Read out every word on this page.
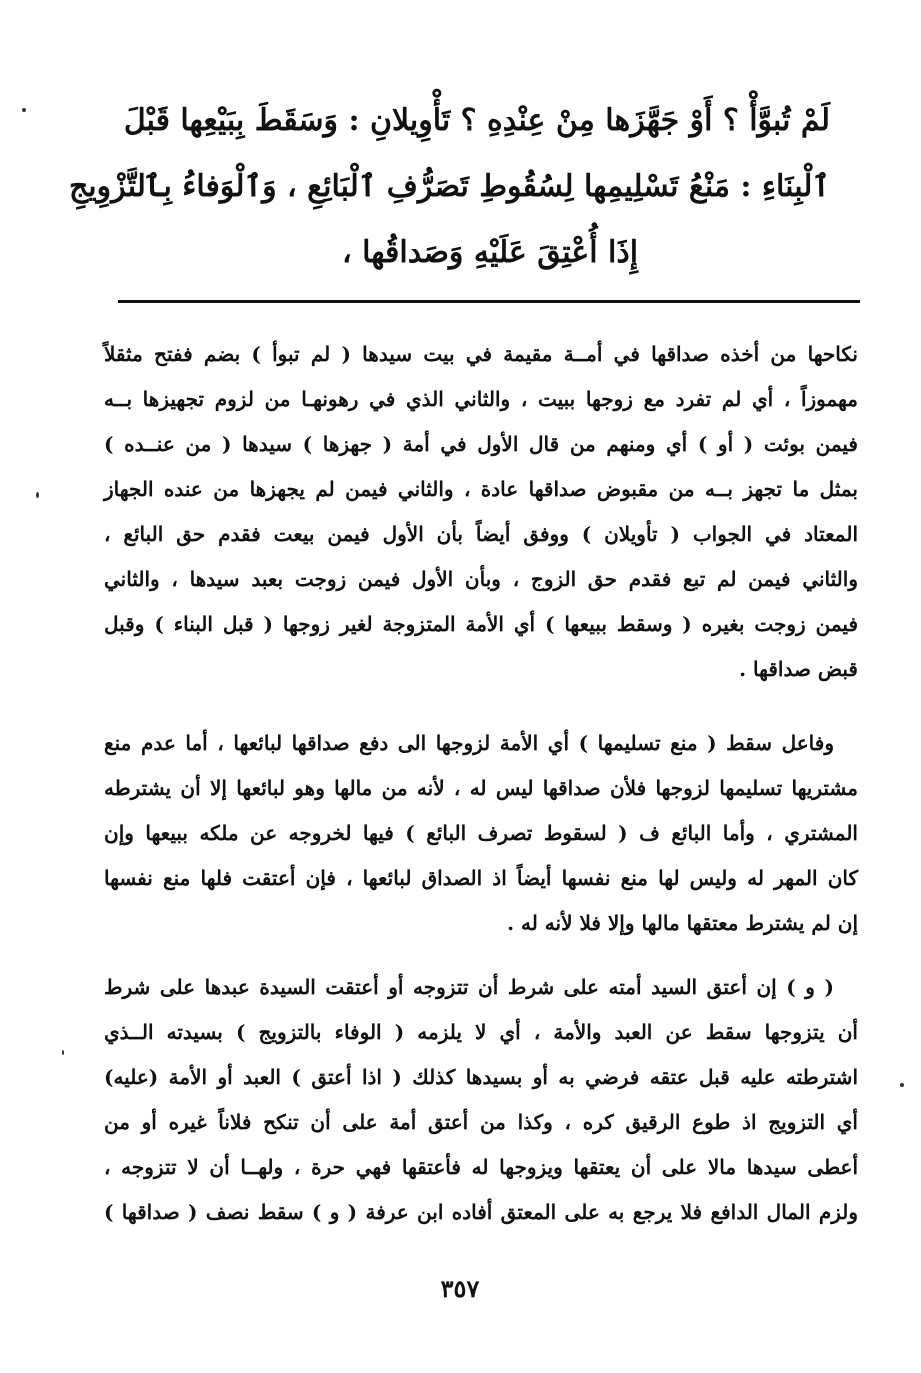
لَمْ تُبوَّأْ ؟ أَوْ جَهَّزَها مِنْ عِنْدِهِ ؟ تَأْوِيلانِ : وَسَقَطَ بِبَيْعِها قَبْلَ
ٱلْبِنَاءِ : مَنْعُ تَسْلِيمِها لِسُقُوطِ تَصَرُّفِ ٱلْبَائِعِ ، وَٱلْوَفاءُ بِٱلتَّزْوِيجِ
إِذَا أُعْتِقَ عَلَيْهِ وَصَداقُها ،
نكاحها من أخذه صداقها في أمــة مقيمة في بيت سيدها ( لم تبوأ ) بضم ففتح مثقلاً
مهموزاً ، أي لم تفرد مع زوجها ببيت ، والثاني الذي في رهونهـا من لزوم تجهيزها بــه
فيمن بوئت ( أو ) أي ومنهم من قال الأول في أمة ( جهزها ) سيدها ( من عنــده )
بمثل ما تجهز بــه من مقبوض صداقها عادة ، والثاني فيمن لم يجهزها من عنده الجهاز
المعتاد في الجواب ( تأويلان ) ووفق أيضاً بأن الأول فيمن بيعت فقدم حق البائع ،
والثاني فيمن لم تبع فقدم حق الزوج ، وبأن الأول فيمن زوجت بعبد سيدها ، والثاني
فيمن زوجت بغيره ( وسقط ببيعها ) أي الأمة المتزوجة لغير زوجها ( قبل البناء ) وقبل
قبض صداقها .
وفاعل سقط ( منع تسليمها ) أي الأمة لزوجها الى دفع صداقها لبائعها ، أما عدم منع
مشتريها تسليمها لزوجها فلأن صداقها ليس له ، لأنه من مالها وهو لبائعها إلا أن يشترطه
المشتري ، وأما البائع ف ( لسقوط تصرف البائع ) فيها لخروجه عن ملكه ببيعها وإن
كان المهر له وليس لها منع نفسها أيضاً اذ الصداق لبائعها ، فإن أعتقت فلها منع نفسها
إن لم يشترط معتقها مالها وإلا فلا لأنه له .
( و ) إن أعتق السيد أمته على شرط أن تتزوجه أو أعتقت السيدة عبدها على شرط
أن يتزوجها سقط عن العبد والأمة ، أي لا يلزمه ( الوفاء بالتزويج ) بسيدته الــذي
اشترطته عليه قبل عتقه فرضي به أو بسيدها كذلك ( اذا أعتق ) العبد أو الأمة (عليه)
أي التزويج اذ طوع الرقيق كره ، وكذا من أعتق أمة على أن تنكح فلاناً غيره أو من
أعطى سيدها مالا على أن يعتقها ويزوجها له فأعتقها فهي حرة ، ولهــا أن لا تتزوجه ،
ولزم المال الدافع فلا يرجع به على المعتق أفاده ابن عرفة ( و ) سقط نصف ( صداقها )
٣٥٧
